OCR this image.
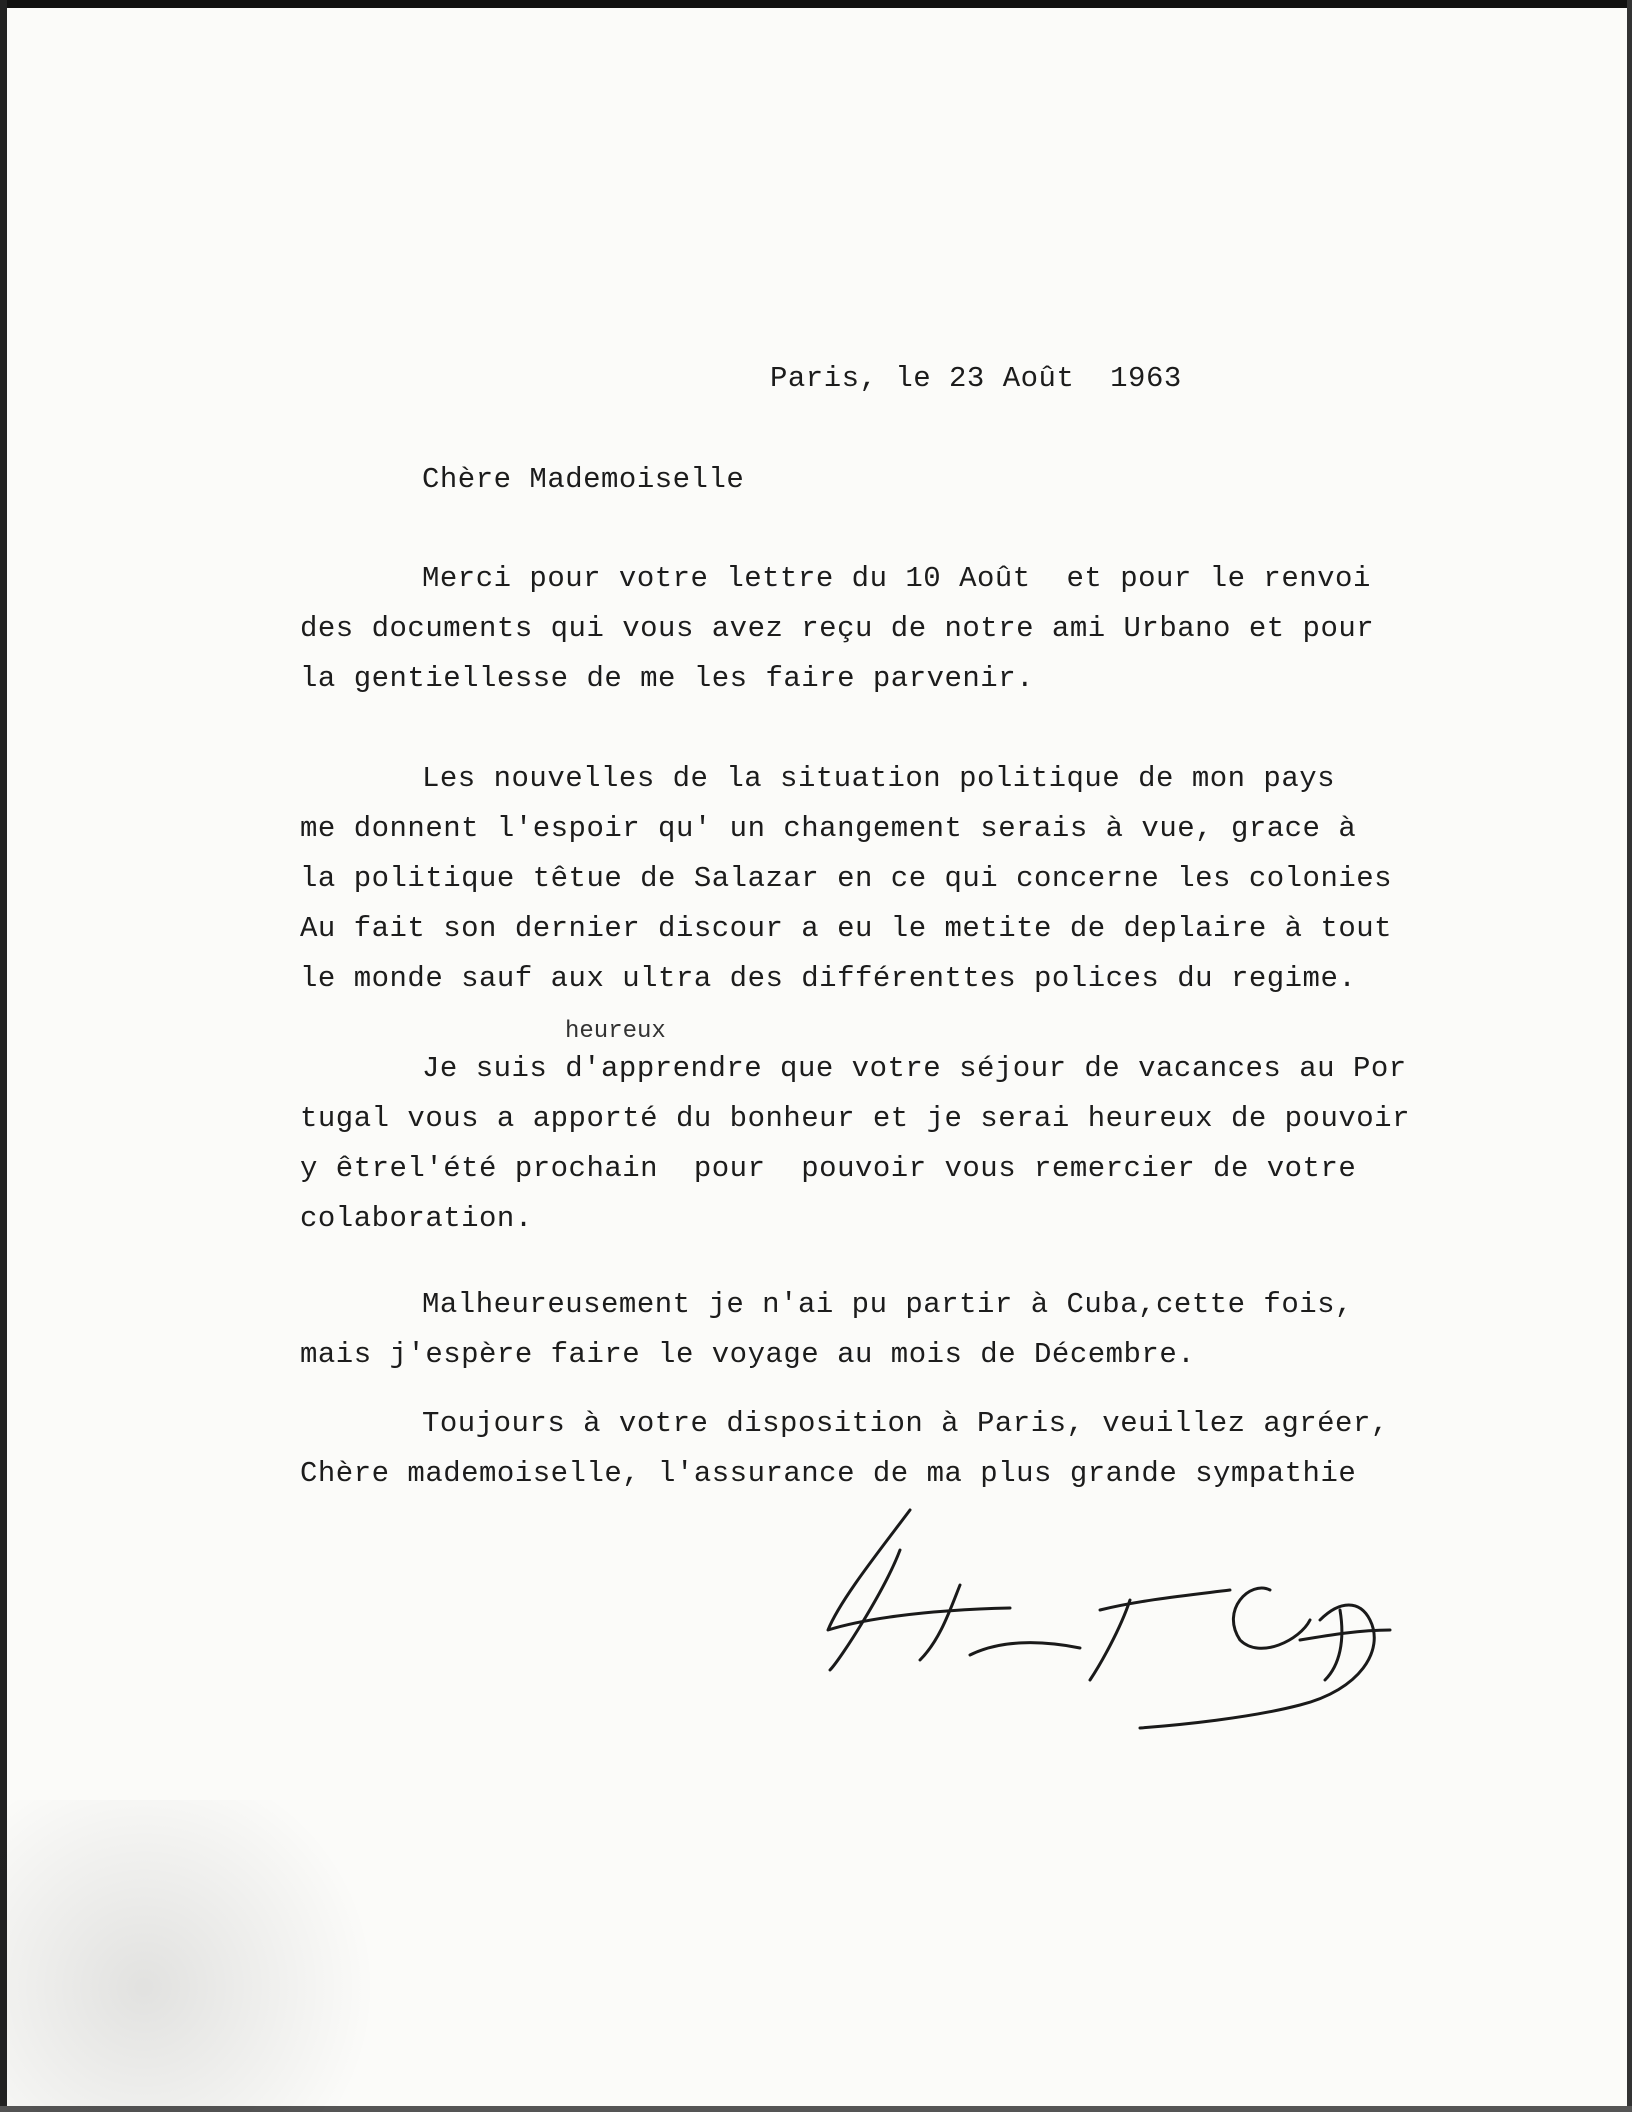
Paris, le 23 Août  1963

Chère Mademoiselle

Merci pour votre lettre du 10 Août  et pour le renvoi

des documents qui vous avez reçu de notre ami Urbano et pour

la gentiellesse de me les faire parvenir.

Les nouvelles de la situation politique de mon pays

me donnent l'espoir qu' un changement serais à vue, grace à

la politique têtue de Salazar en ce qui concerne les colonies

Au fait son dernier discour a eu le metite de deplaire à tout

le monde sauf aux ultra des différenttes polices du regime.

heureux

Je suis d'apprendre que votre séjour de vacances au Por

tugal vous a apporté du bonheur et je serai heureux de pouvoir

y êtrel'été prochain  pour  pouvoir vous remercier de votre

colaboration.

Malheureusement je n'ai pu partir à Cuba,cette fois,

mais j'espère faire le voyage au mois de Décembre.

Toujours à votre disposition à Paris, veuillez agréer,

Chère mademoiselle, l'assurance de ma plus grande sympathie
